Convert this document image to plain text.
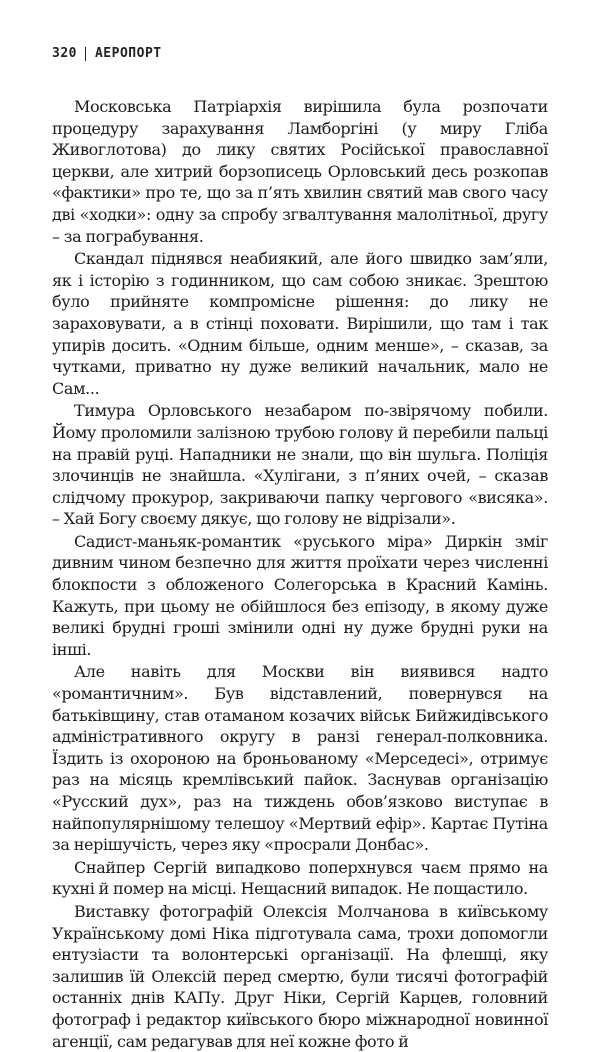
320 АЕРОПОРТ

Московська Патріархія вирішила була розпочати процедуру зарахування Ламборгіні (у миру Гліба Живоглотова) до лику святих Російської православної церкви, але хитрий борзописець Орловський десь розкопав «фактики» про те, що за п’ять хвилин святий мав свого часу дві «ходки»: одну за спробу згвалтування малолітньої, другу – за пограбування.

Скандал піднявся неабиякий, але його швидко зам’яли, як і історію з годинником, що сам собою зникає. Зрештою було прийняте компромісне рішення: до лику не зараховувати, а в стінці поховати. Вирішили, що там і так упирів досить. «Одним більше, одним менше», – сказав, за чутками, приватно ну дуже великий начальник, мало не Сам...

Тимура Орловського незабаром по-звірячому побили. Йому проломили залізною трубою голову й перебили пальці на правій руці. Нападники не знали, що він шульга. Поліція злочинців не знайшла. «Хулігани, з п’яних очей, – сказав слідчому прокурор, закриваючи папку чергового «висяка». – Хай Богу своєму дякує, що голову не відрізали».

Садист-маньяк-романтик «руського міра» Диркін зміг дивним чином безпечно для життя проїхати через численні блокпости з обложеного Солегорська в Красний Камінь. Кажуть, при цьому не обійшлося без епізоду, в якому дуже великі брудні гроші змінили одні ну дуже брудні руки на інші.

Але навіть для Москви він виявився надто «романтичним». Був відставлений, повернувся на батьківщину, став отаманом козачих військ Бийжидівського адміністративного округу в ранзі генерал-полковника. Їздить із охороною на броньованому «Мерседесі», отримує раз на місяць кремлівський пайок. Заснував організацію «Русский дух», раз на тиждень обов’язково виступає в найпопулярнішому телешоу «Мертвий ефір». Картає Путіна за нерішучість, через яку «просрали Донбас».

Снайпер Сергій випадково поперхнувся чаєм прямо на кухні й помер на місці. Нещасний випадок. Не пощастило.

Виставку фотографій Олексія Молчанова в київському Українському домі Ніка підготувала сама, трохи допомогли ентузіасти та волонтерські організації. На флешці, яку залишив їй Олексій перед смертю, були тисячі фотографій останніх днів КАПу. Друг Ніки, Сергій Карцев, головний фотограф і редактор київського бюро міжнародної новинної агенції, сам редагував для неї кожне фото й
